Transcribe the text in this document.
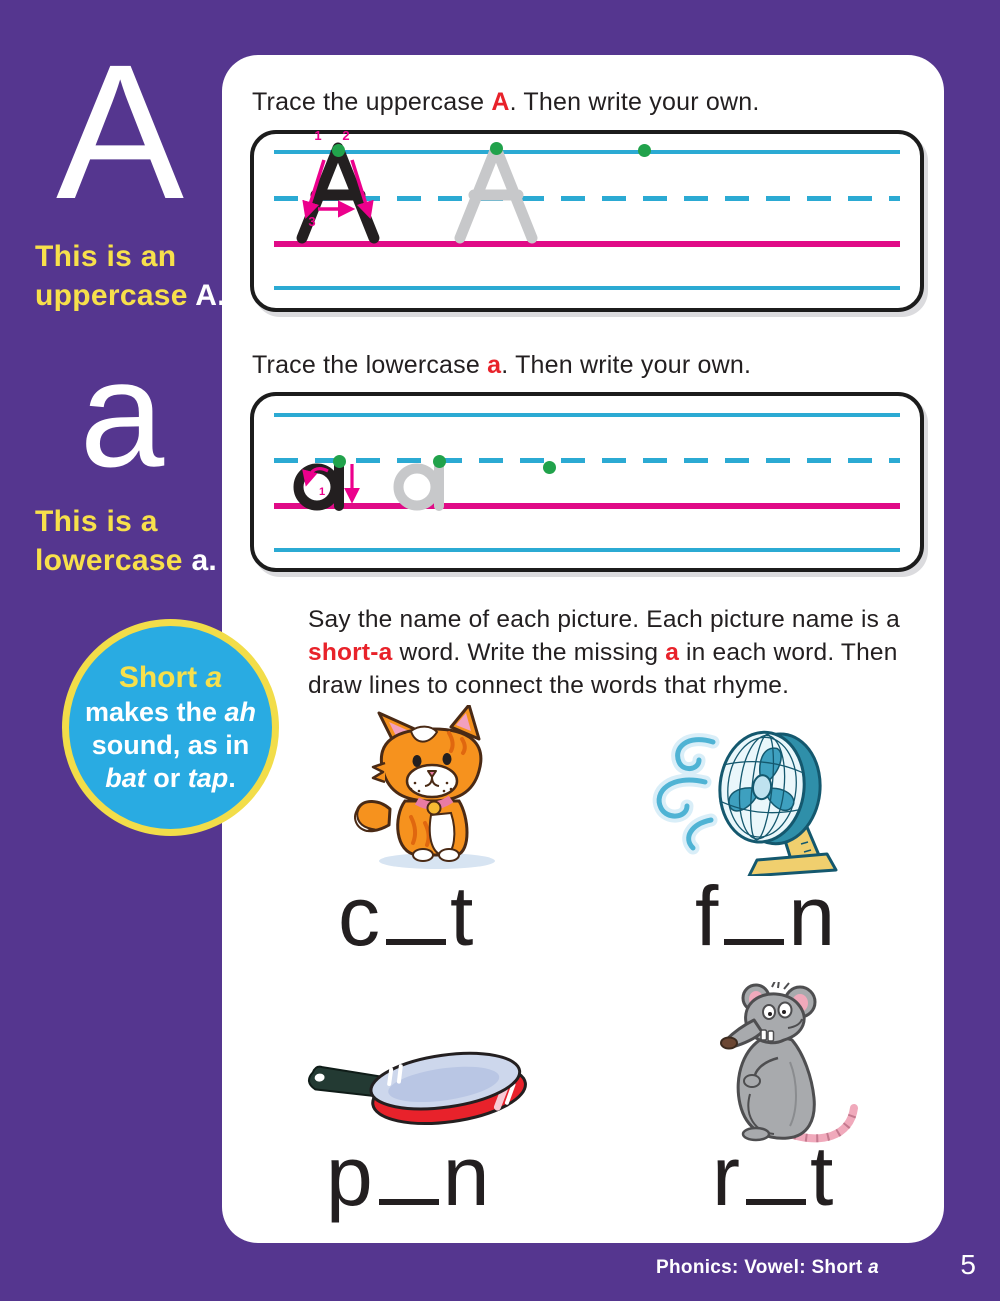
A
This is an
uppercase A.
a
This is a
lowercase a.
Short a
makes the ah
sound, as in
bat or tap.
Trace the uppercase A. Then write your own.
1 2
3
Trace the lowercase a. Then write your own.
1
Say the name of each picture. Each picture name is a short-a word. Write the missing a in each word. Then draw lines to connect the words that rhyme.
c t	f n
p n	r t
Phonics: Vowel: Short a	5
